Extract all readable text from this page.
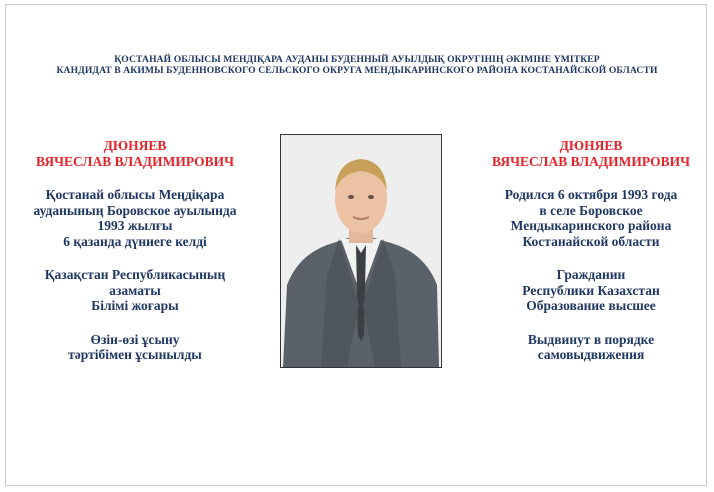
ҚОСТАНАЙ ОБЛЫСЫ МЕНДІҚАРА АУДАНЫ БУДЕННЫЙ АУЫЛДЫҚ ОКРУГІНІҢ ӘКІМІНЕ ҮМІТКЕР
КАНДИДАТ В АКИМЫ БУДЕННОВСКОГО СЕЛЬСКОГО ОКРУГА МЕНДЫКАРИНСКОГО РАЙОНА КОСТАНАЙСКОЙ ОБЛАСТИ
ДЮНЯЕВ
ВЯЧЕСЛАВ ВЛАДИМИРОВИЧ

Қостанай облысы Меңдіқара

ауданының Боровское ауылында

1993 жылғы

6 қазанда дүниеге келді

Қазақстан Республикасының

азаматы

Білімі жоғары

Өзін-өзі ұсыну

тәртібімен ұсынылды

ДЮНЯЕВ
ВЯЧЕСЛАВ ВЛАДИМИРОВИЧ

Родился 6 октября 1993 года

в селе Боровское

Мендыкаринского района

Костанайской области

Гражданин

Республики Казахстан

Образование высшее

Выдвинут в порядке

самовыдвижения
